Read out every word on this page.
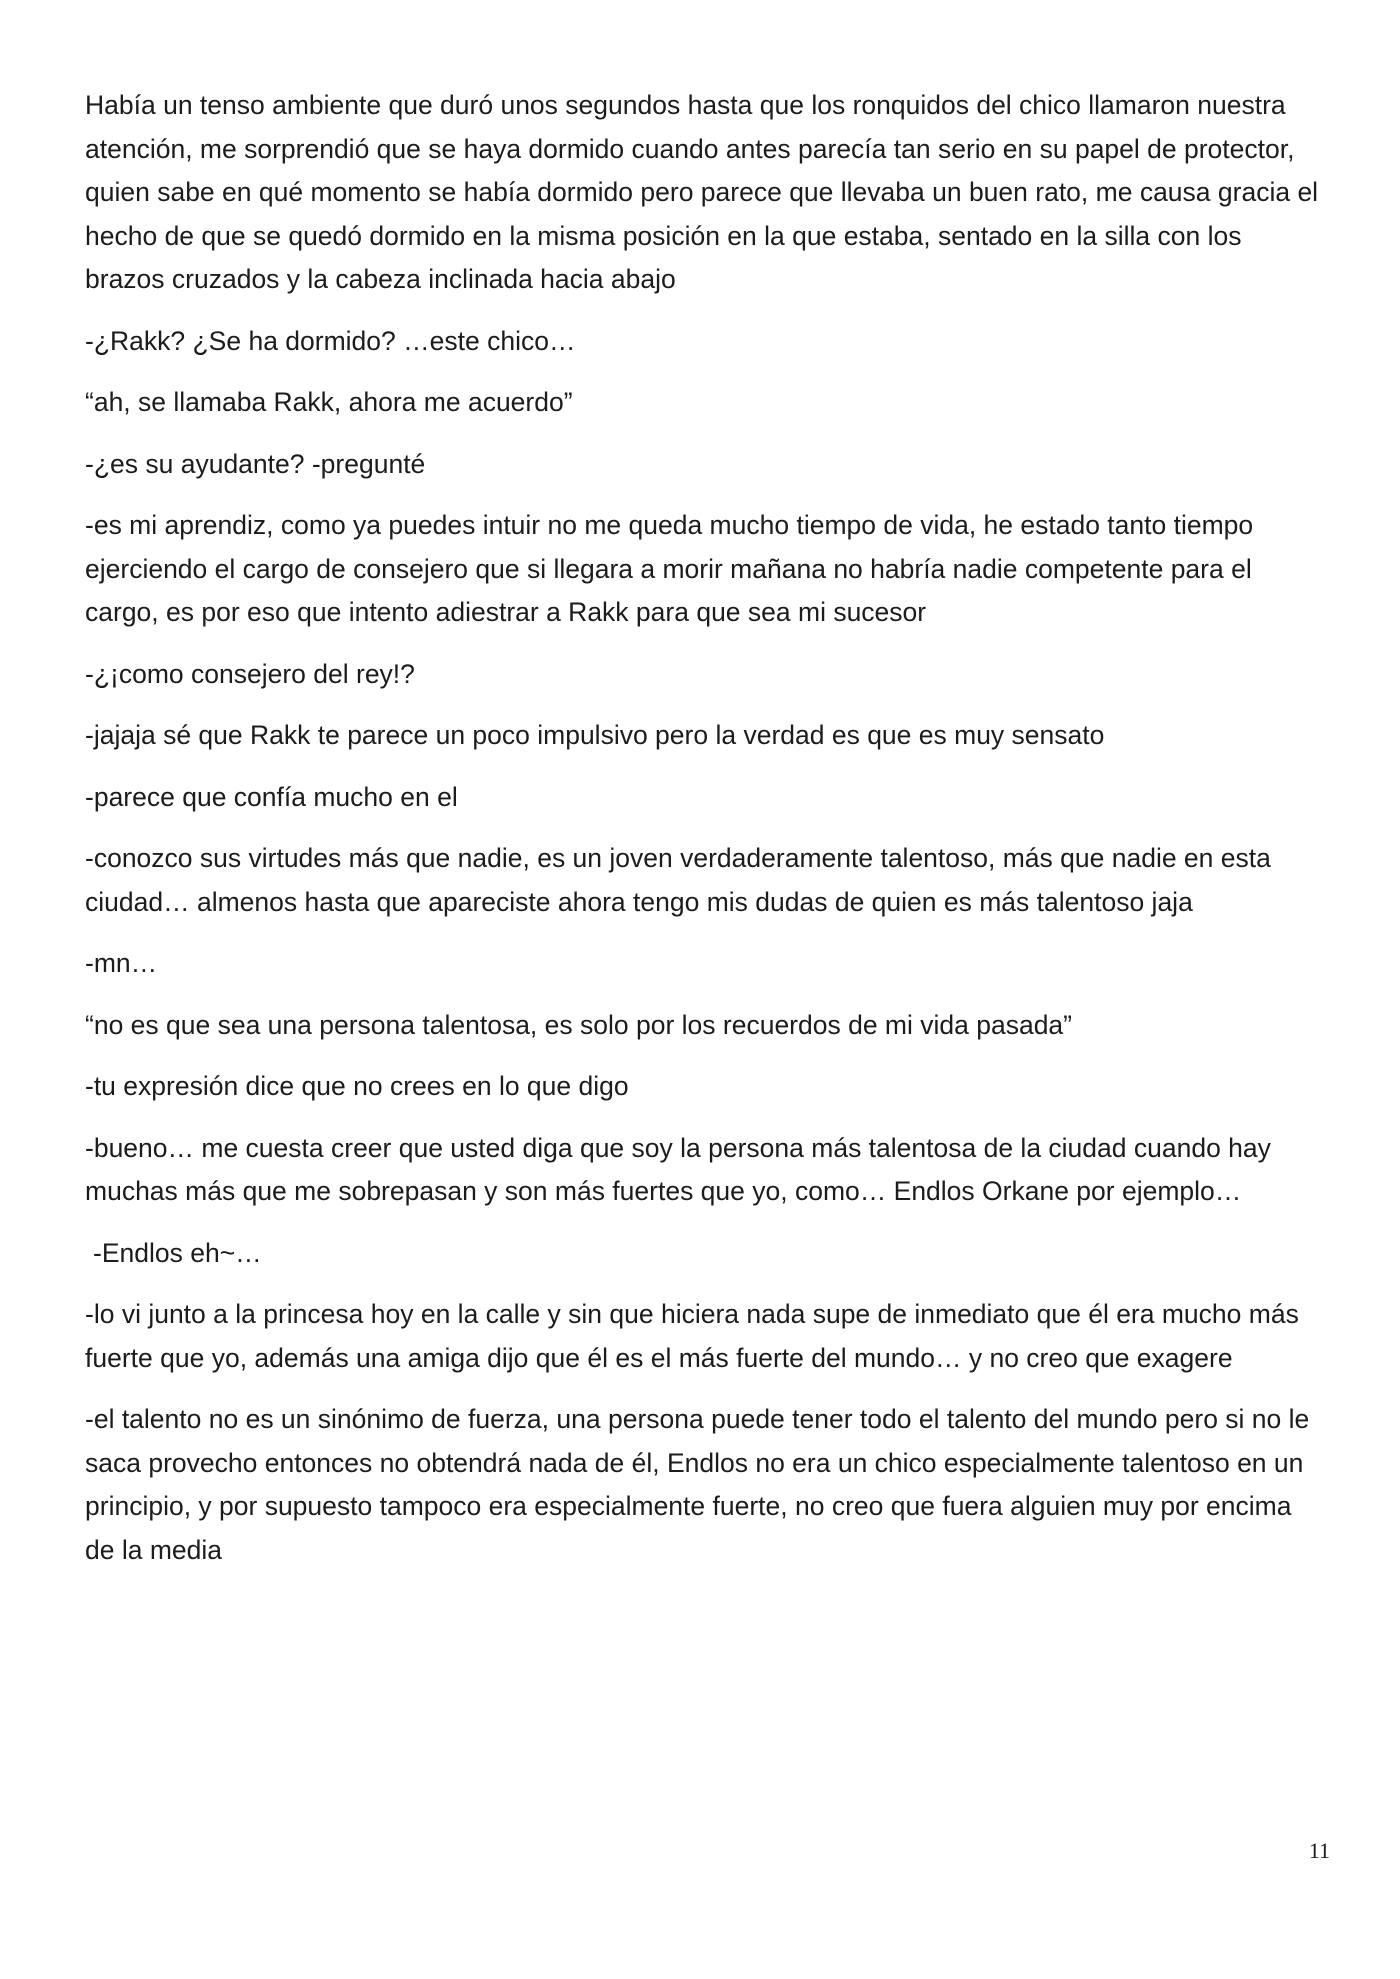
Había un tenso ambiente que duró unos segundos hasta que los ronquidos del chico llamaron nuestra atención, me sorprendió que se haya dormido cuando antes parecía tan serio en su papel de protector, quien sabe en qué momento se había dormido pero parece que llevaba un buen rato, me causa gracia el hecho de que se quedó dormido en la misma posición en la que estaba, sentado en la silla con los brazos cruzados y la cabeza inclinada hacia abajo

-¿Rakk? ¿Se ha dormido? …este chico…

“ah, se llamaba Rakk, ahora me acuerdo”

-¿es su ayudante? -pregunté

-es mi aprendiz, como ya puedes intuir no me queda mucho tiempo de vida, he estado tanto tiempo ejerciendo el cargo de consejero que si llegara a morir mañana no habría nadie competente para el cargo, es por eso que intento adiestrar a Rakk para que sea mi sucesor

-¿¡como consejero del rey!?

-jajaja sé que Rakk te parece un poco impulsivo pero la verdad es que es muy sensato

-parece que confía mucho en el

-conozco sus virtudes más que nadie, es un joven verdaderamente talentoso, más que nadie en esta ciudad… almenos hasta que apareciste ahora tengo mis dudas de quien es más talentoso jaja

-mn…

“no es que sea una persona talentosa, es solo por los recuerdos de mi vida pasada”

-tu expresión dice que no crees en lo que digo

-bueno… me cuesta creer que usted diga que soy la persona más talentosa de la ciudad cuando hay muchas más que me sobrepasan y son más fuertes que yo, como… Endlos Orkane por ejemplo…

-Endlos eh~…

-lo vi junto a la princesa hoy en la calle y sin que hiciera nada supe de inmediato que él era mucho más fuerte que yo, además una amiga dijo que él es el más fuerte del mundo… y no creo que exagere

-el talento no es un sinónimo de fuerza, una persona puede tener todo el talento del mundo pero si no le saca provecho entonces no obtendrá nada de él, Endlos no era un chico especialmente talentoso en un principio, y por supuesto tampoco era especialmente fuerte, no creo que fuera alguien muy por encima de la media

11
